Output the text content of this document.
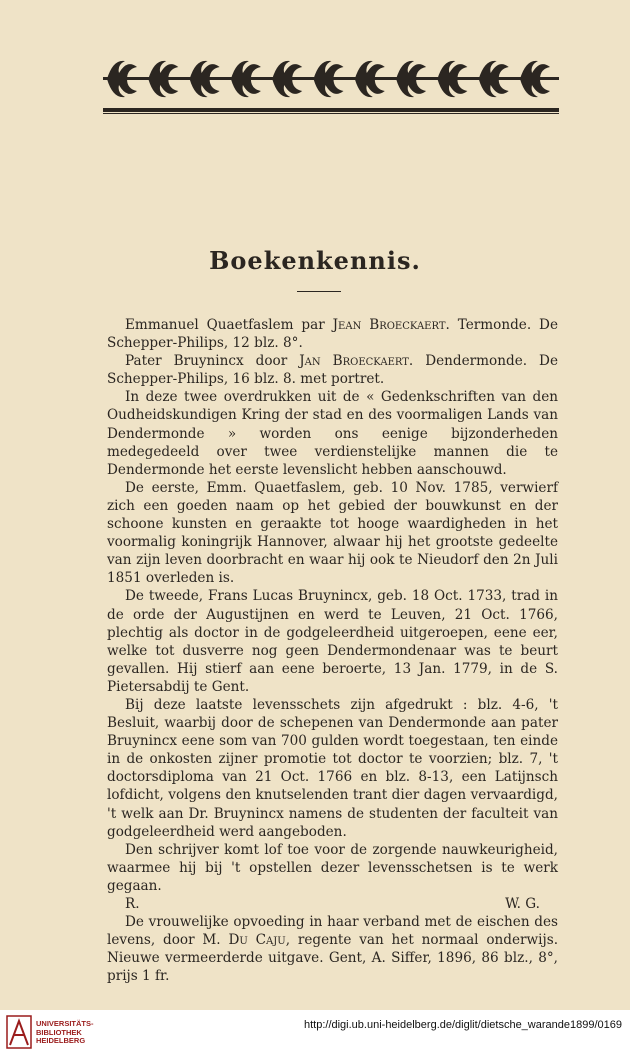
Boekenkennis.

Emmanuel Quaetfaslem par Jean Broeckaert. Termonde. De Schepper-Philips, 12 blz. 8°.

Pater Bruynincx door Jan Broeckaert. Dendermonde. De Schepper-Philips, 16 blz. 8. met portret.

In deze twee overdrukken uit de « Gedenkschriften van den Oudheidskundigen Kring der stad en des voormaligen Lands van Dendermonde » worden ons eenige bijzonderheden medegedeeld over twee verdienstelijke mannen die te Dendermonde het eerste levenslicht hebben aanschouwd.

De eerste, Emm. Quaetfaslem, geb. 10 Nov. 1785, verwierf zich een goeden naam op het gebied der bouwkunst en der schoone kunsten en geraakte tot hooge waardigheden in het voormalig koningrijk Hannover, alwaar hij het grootste gedeelte van zijn leven doorbracht en waar hij ook te Nieudorf den 2n Juli 1851 overleden is.

De tweede, Frans Lucas Bruynincx, geb. 18 Oct. 1733, trad in de orde der Augustijnen en werd te Leuven, 21 Oct. 1766, plechtig als doctor in de godgeleerdheid uitgeroepen, eene eer, welke tot dusverre nog geen Dendermondenaar was te beurt gevallen. Hij stierf aan eene beroerte, 13 Jan. 1779, in de S. Pietersabdij te Gent.

Bij deze laatste levensschets zijn afgedrukt : blz. 4-6, 't Besluit, waarbij door de schepenen van Dendermonde aan pater Bruynincx eene som van 700 gulden wordt toegestaan, ten einde in de onkosten zijner promotie tot doctor te voorzien; blz. 7, 't doctorsdiploma van 21 Oct. 1766 en blz. 8-13, een Latijnsch lofdicht, volgens den knutselenden trant dier dagen vervaardigd, 't welk aan Dr. Bruynincx namens de studenten der faculteit van godgeleerdheid werd aangeboden.

Den schrijver komt lof toe voor de zorgende nauwkeurigheid, waarmee hij bij 't opstellen dezer levensschetsen is te werk gegaan.

R.	W. G.

De vrouwelijke opvoeding in haar verband met de eischen des levens, door M. Du Caju, regente van het normaal onderwijs. Nieuwe vermeerderde uitgave. Gent, A. Siffer, 1896, 86 blz., 8°, prijs 1 fr.

UNIVERSITÄTS-
BIBLIOTHEK
HEIDELBERG
http://digi.ub.uni-heidelberg.de/diglit/dietsche_warande1899/0169
